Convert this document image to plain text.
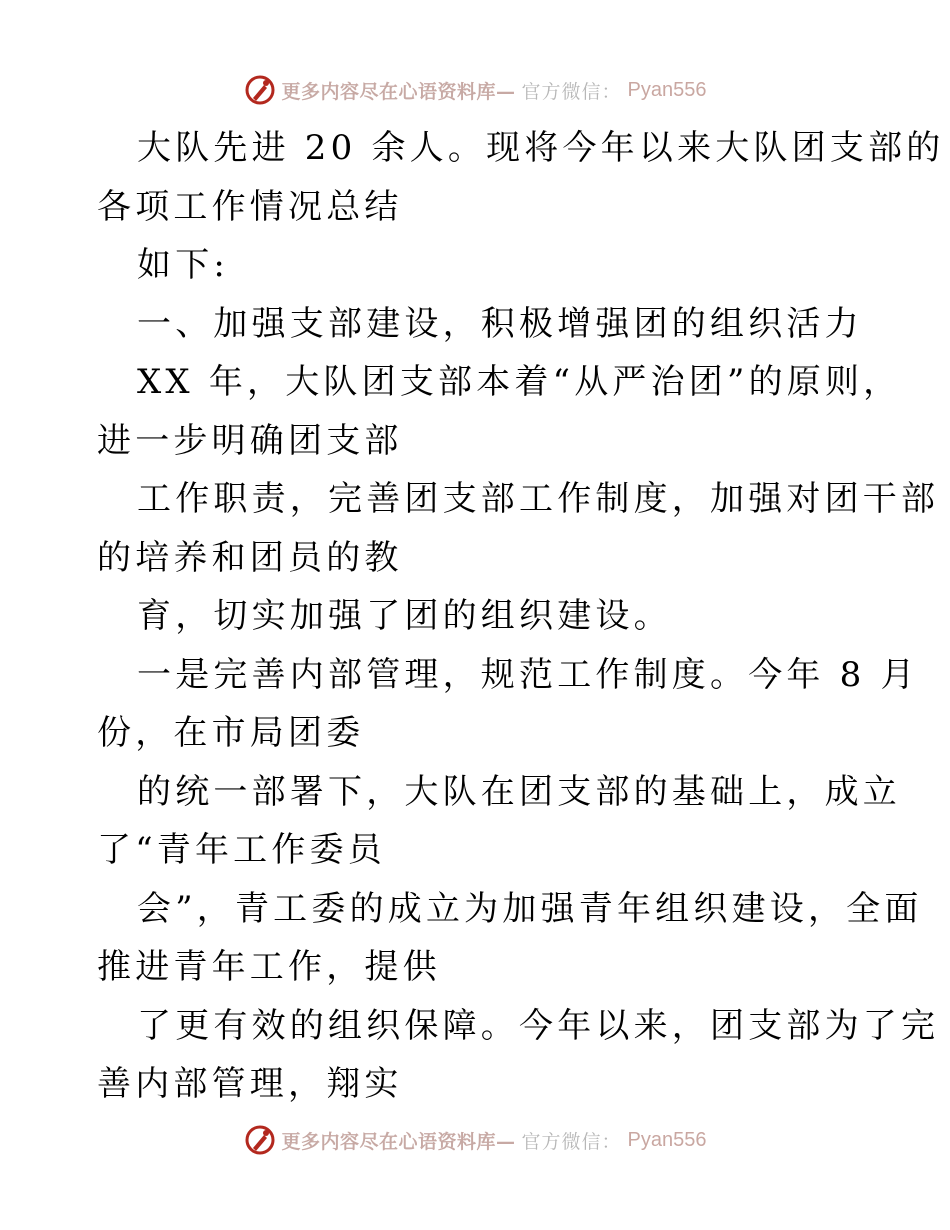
更多内容尽在心语资料库— 官方微信： Pyan556
大队先进 20 余人。现将今年以来大队团支部的
各项工作情况总结
如下:
一、加强支部建设，积极增强团的组织活力
XX 年，大队团支部本着“从严治团”的原则，
进一步明确团支部
工作职责，完善团支部工作制度，加强对团干部
的培养和团员的教
育，切实加强了团的组织建设。
一是完善内部管理，规范工作制度。今年 8 月
份，在市局团委
的统一部署下，大队在团支部的基础上，成立
了“青年工作委员
会”，青工委的成立为加强青年组织建设，全面
推进青年工作，提供
了更有效的组织保障。今年以来，团支部为了完
善内部管理，翔实
更多内容尽在心语资料库— 官方微信： Pyan556
